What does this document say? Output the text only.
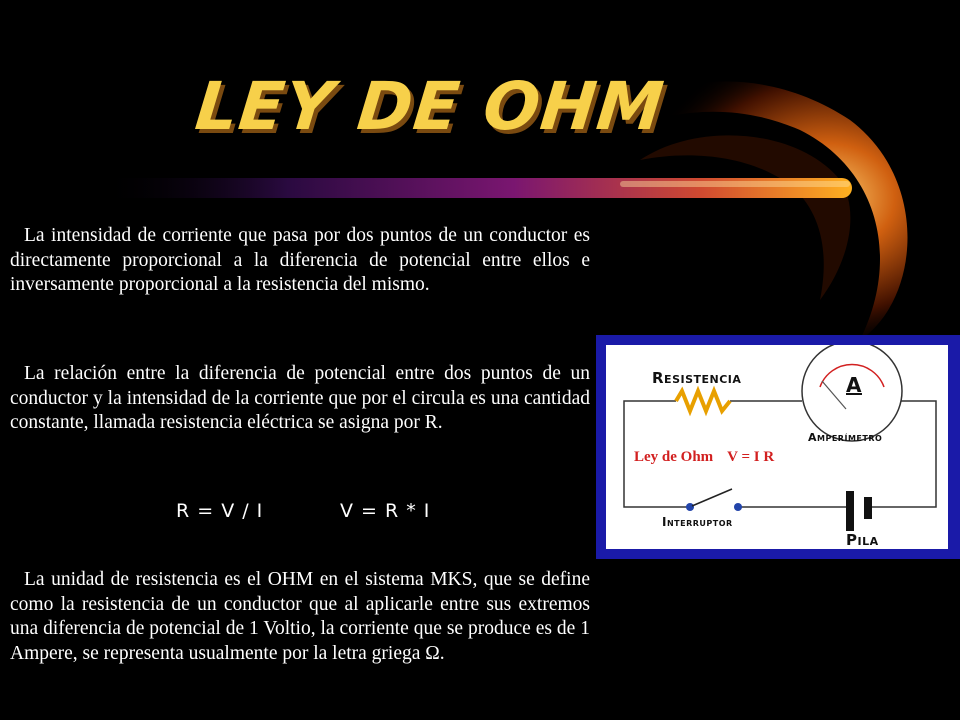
LEY DE OHM

La intensidad de corriente que pasa por dos puntos de un conductor es directamente proporcional a la diferencia de potencial entre ellos e inversamente proporcional a la resistencia del mismo.

La relación entre la diferencia de potencial entre dos puntos de un conductor y la intensidad de la corriente que por el circula es una cantidad constante, llamada resistencia eléctrica se asigna por R.

R = V / I	V = R * I

La unidad de resistencia es el OHM en el sistema MKS, que se define como la resistencia de un conductor que al aplicarle entre sus extremos una diferencia de potencial de 1 Voltio, la corriente que se produce es de 1 Ampere, se representa usualmente por la letra griega Ω.

Resistencia	A

Amperímetro

Ley de Ohm V = I R

Interruptor

Pila
